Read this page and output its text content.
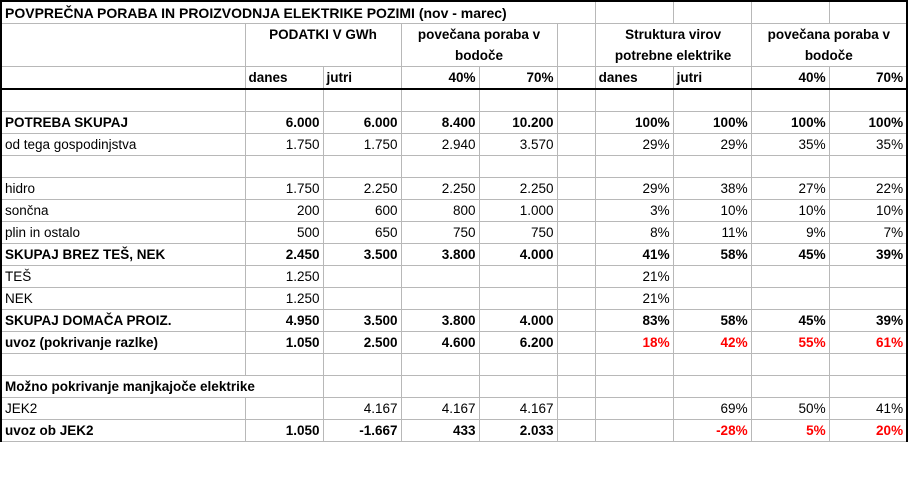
POVPREČNA PORABA IN PROIZVODNJA ELEKTRIKE POZIMI (nov - marec)									
	PODATKI V GWh		povečana poraba v			Struktura virov		povečana poraba v	
			bodoče			potrebne elektrike		bodoče	
	danes	jutri	40%	70%		danes	jutri	40%	70%

POTREBA SKUPAJ	6.000	6.000	8.400	10.200		100%	100%	100%	100%
od tega gospodinjstva	1.750	1.750	2.940	3.570		29%	29%	35%	35%

hidro	1.750	2.250	2.250	2.250		29%	38%	27%	22%
sončna	200	600	800	1.000		3%	10%	10%	10%
plin in ostalo	500	650	750	750		8%	11%	9%	7%
SKUPAJ BREZ TEŠ, NEK	2.450	3.500	3.800	4.000		41%	58%	45%	39%
TEŠ	1.250					21%			
NEK	1.250					21%			
SKUPAJ DOMAČA PROIZ.	4.950	3.500	3.800	4.000		83%	58%	45%	39%
uvoz (pokrivanje razlke)	1.050	2.500	4.600	6.200		18%	42%	55%	61%

Možno pokrivanje manjkajoče elektrike									
JEK2		4.167	4.167	4.167			69%	50%	41%
uvoz ob JEK2	1.050	-1.667	433	2.033			-28%	5%	20%
